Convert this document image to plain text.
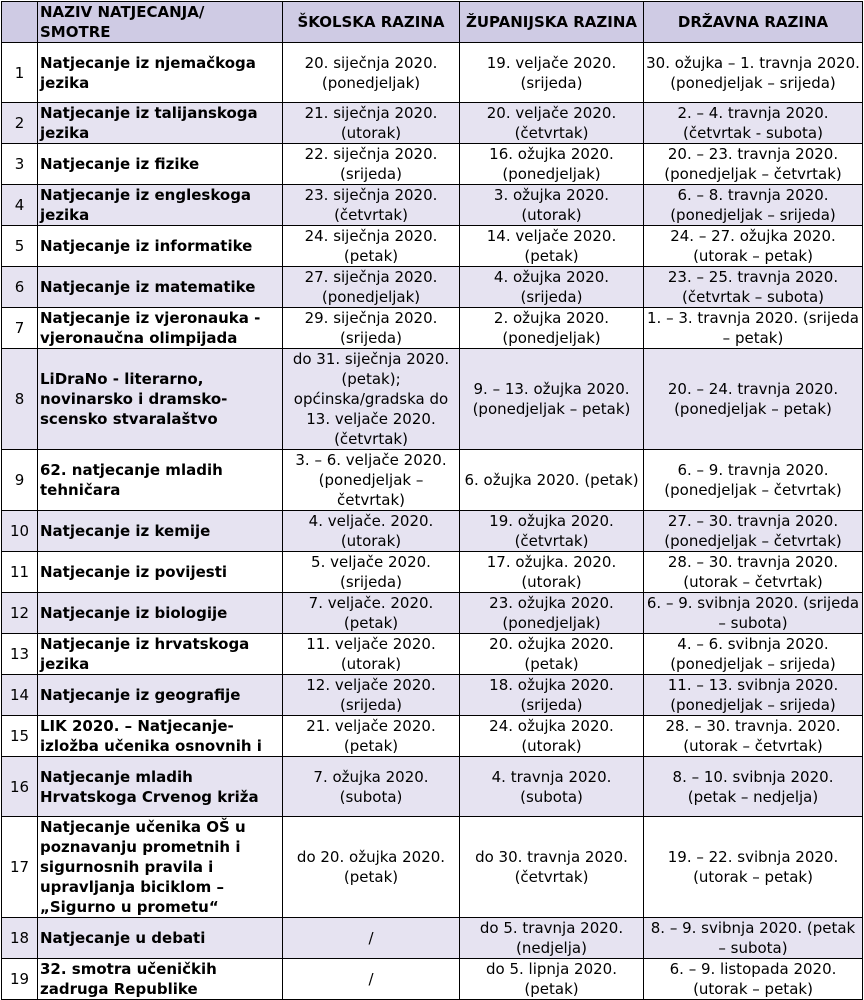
	NAZIV NATJECANJA/ SMOTRE	ŠKOLSKA RAZINA	ŽUPANIJSKA RAZINA	DRŽAVNA RAZINA
1	Natjecanje iz njemačkoga jezika	20. siječnja 2020. (ponedjeljak)	19. veljače 2020. (srijeda)	30. ožujka – 1. travnja 2020. (ponedjeljak – srijeda)
2	Natjecanje iz talijanskoga jezika	21. siječnja 2020. (utorak)	20. veljače 2020. (četvrtak)	2. – 4. travnja 2020. (četvrtak - subota)
3	Natjecanje iz fizike	22. siječnja 2020. (srijeda)	16. ožujka 2020. (ponedjeljak)	20. – 23. travnja 2020. (ponedjeljak – četvrtak)
4	Natjecanje iz engleskoga jezika	23. siječnja 2020. (četvrtak)	3. ožujka 2020. (utorak)	6. – 8. travnja 2020. (ponedjeljak – srijeda)
5	Natjecanje iz informatike	24. siječnja 2020. (petak)	14. veljače 2020. (petak)	24. – 27. ožujka 2020. (utorak – petak)
6	Natjecanje iz matematike	27. siječnja 2020. (ponedjeljak)	4. ožujka 2020. (srijeda)	23. – 25. travnja 2020. (četvrtak – subota)
7	Natjecanje iz vjeronauka - vjeronaučna olimpijada	29. siječnja 2020. (srijeda)	2. ožujka 2020. (ponedjeljak)	1. – 3. travnja 2020. (srijeda – petak)
8	LiDraNo - literarno, novinarsko i dramsko-scensko stvaralaštvo	do 31. siječnja 2020. (petak); općinska/gradska do 13. veljače 2020. (četvrtak)	9. – 13. ožujka 2020. (ponedjeljak – petak)	20. – 24. travnja 2020. (ponedjeljak – petak)
9	62. natjecanje mladih tehničara	3. – 6. veljače 2020. (ponedjeljak – četvrtak)	6. ožujka 2020. (petak)	6. – 9. travnja 2020. (ponedjeljak – četvrtak)
10	Natjecanje iz kemije	4. veljače. 2020. (utorak)	19. ožujka 2020. (četvrtak)	27. – 30. travnja 2020. (ponedjeljak – četvrtak)
11	Natjecanje iz povijesti	5. veljače 2020. (srijeda)	17. ožujka. 2020. (utorak)	28. – 30. travnja 2020. (utorak – četvrtak)
12	Natjecanje iz biologije	7. veljače. 2020. (petak)	23. ožujka 2020. (ponedjeljak)	6. – 9. svibnja 2020. (srijeda – subota)
13	Natjecanje iz hrvatskoga jezika	11. veljače 2020. (utorak)	20. ožujka 2020. (petak)	4. – 6. svibnja 2020. (ponedjeljak – srijeda)
14	Natjecanje iz geografije	12. veljače 2020. (srijeda)	18. ožujka 2020. (srijeda)	11. – 13. svibnja 2020. (ponedjeljak – srijeda)
15	LIK 2020. – Natjecanje-izložba učenika osnovnih i	21. veljače 2020. (petak)	24. ožujka 2020. (utorak)	28. – 30. travnja. 2020. (utorak – četvrtak)
16	Natjecanje mladih Hrvatskoga Crvenog križa	7. ožujka 2020. (subota)	4. travnja 2020. (subota)	8. – 10. svibnja 2020. (petak – nedjelja)
17	Natjecanje učenika OŠ u poznavanju prometnih i sigurnosnih pravila i upravljanja biciklom – „Sigurno u prometu“	do 20. ožujka 2020. (petak)	do 30. travnja 2020. (četvrtak)	19. – 22. svibnja 2020. (utorak – petak)
18	Natjecanje u debati	/	do 5. travnja 2020. (nedjelja)	8. – 9. svibnja 2020. (petak – subota)
19	32. smotra učeničkih zadruga Republike	/	do 5. lipnja 2020. (petak)	6. – 9. listopada 2020. (utorak – petak)
